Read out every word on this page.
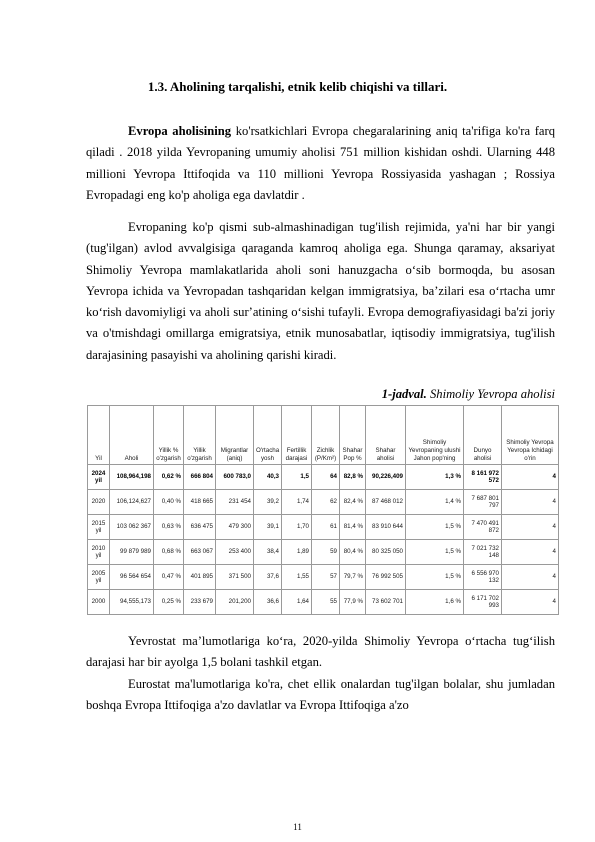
1.3. Aholining tarqalishi, etnik kelib chiqishi va tillari.

Evropa aholisining ko'rsatkichlari Evropa chegaralarining aniq ta'rifiga ko'ra farq qiladi . 2018 yilda Yevropaning umumiy aholisi 751 million kishidan oshdi. Ularning 448 millioni Yevropa Ittifoqida va 110 millioni Yevropa Rossiyasida yashagan ; Rossiya Evropadagi eng ko'p aholiga ega davlatdir .

Evropaning ko'p qismi sub-almashinadigan tug'ilish rejimida, ya'ni har bir yangi (tug'ilgan) avlod avvalgisiga qaraganda kamroq aholiga ega. Shunga qaramay, aksariyat Shimoliy Yevropa mamlakatlarida aholi soni hanuzgacha oʻsib bormoqda, bu asosan Yevropa ichida va Yevropadan tashqaridan kelgan immigratsiya, baʼzilari esa oʻrtacha umr koʻrish davomiyligi va aholi surʼatining oʻsishi tufayli. Evropa demografiyasidagi ba'zi joriy va o'tmishdagi omillarga emigratsiya, etnik munosabatlar, iqtisodiy immigratsiya, tug'ilish darajasining pasayishi va aholining qarishi kiradi.

1-jadval. Shimoliy Yevropa aholisi
Yil	Aholi	Yillik % o'zgarish	Yillik o'zgarish	Migrantlar (aniq)	O'rtacha yosh	Fertillik darajasi	Zichlik (P/Km²)	Shahar Pop %	Shahar aholisi	Shimoliy Yevropaning ulushi Jahon pop'ning	Dunyo aholisi	Shimoliy Yevropa Yevropa Ichidagi o'rin
2024 yil	108,964,198	0,62 %	666 804	600 783,0	40,3	1,5	64	82,8 %	90,226,409	1,3 %	8 161 972 572	4
2020	106,124,627	0,40 %	418 665	231 454	39,2	1,74	62	82,4 %	87 468 012	1,4 %	7 687 801 797	4
2015 yil	103 062 367	0,63 %	636 475	479 300	39,1	1,70	61	81,4 %	83 910 644	1,5 %	7 470 491 872	4
2010 yil	99 879 989	0,68 %	663 067	253 400	38,4	1,89	59	80,4 %	80 325 050	1,5 %	7 021 732 148	4
2005 yil	96 564 654	0,47 %	401 895	371 500	37,6	1,55	57	79,7 %	76 992 505	1,5 %	6 556 970 132	4
2000	94,555,173	0,25 %	233 679	201,200	36,6	1,64	55	77,9 %	73 602 701	1,6 %	6 171 702 993	4

Yevrostat maʼlumotlariga koʻra, 2020-yilda Shimoliy Yevropa oʻrtacha tugʻilish darajasi har bir ayolga 1,5 bolani tashkil etgan.

Eurostat ma'lumotlariga ko'ra, chet ellik onalardan tug'ilgan bolalar, shu jumladan boshqa Evropa Ittifoqiga a'zo davlatlar va Evropa Ittifoqiga a'zo

11
